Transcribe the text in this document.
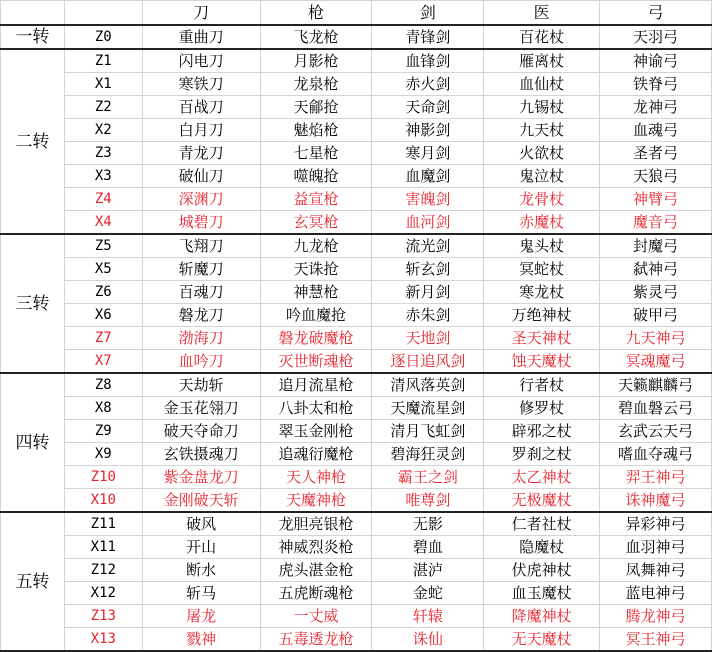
		刀	枪	剑	医	弓
一转	Z0	重曲刀	飞龙枪	青锋剑	百花杖	天羽弓
二转	Z1	闪电刀	月影枪	血锋剑	雁离杖	神谕弓
	X1	寒铁刀	龙泉枪	赤火剑	血仙杖	铁脊弓
	Z2	百战刀	天鄃抢	天命剑	九锡杖	龙神弓
	X2	白月刀	魅焰枪	神影剑	九天杖	血魂弓
	Z3	青龙刀	七星枪	寒月剑	火欲杖	圣者弓
	X3	破仙刀	噬魄抢	血魔剑	鬼泣杖	天狼弓
	Z4	深渊刀	益宣枪	害魄剑	龙骨杖	神臂弓
	X4	城碧刀	玄冥枪	血河剑	赤魔杖	魔音弓
三转	Z5	飞翔刀	九龙枪	流光剑	鬼头杖	封魔弓
	X5	斩魔刀	天诛抢	斩玄剑	冥蛇杖	弑神弓
	Z6	百魂刀	神慧枪	新月剑	寒龙杖	紫灵弓
	X6	磐龙刀	吟血魔抢	赤朱剑	万绝神杖	破甲弓
	Z7	渤海刀	磐龙破魔枪	天地剑	圣天神杖	九天神弓
	X7	血吟刀	灭世断魂枪	逐日追风剑	蚀天魔杖	冥魂魔弓
四转	Z8	天劫斩	追月流星枪	清风落英剑	行者杖	天籁麒麟弓
	X8	金玉花翎刀	八卦太和枪	天魔流星剑	修罗杖	碧血磐云弓
	Z9	破天夺命刀	翠玉金刚枪	清月飞虹剑	辟邪之杖	玄武云天弓
	X9	玄铁摄魂刀	追魂衍魔枪	碧海狂灵剑	罗刹之杖	嗜血夺魂弓
	Z10	紫金盘龙刀	天人神枪	霸王之剑	太乙神杖	羿王神弓
	X10	金刚破天斩	天魔神枪	唯尊剑	无极魔杖	诛神魔弓
五转	Z11	破风	龙胆亮银枪	无影	仁者社杖	异彩神弓
	X11	开山	神威烈炎枪	碧血	隐魔杖	血羽神弓
	Z12	断水	虎头湛金枪	湛泸	伏虎神杖	凤舞神弓
	X12	斩马	五虎断魂枪	金蛇	血玉魔杖	蓝电神弓
	Z13	屠龙	一丈威	轩辕	降魔神杖	腾龙神弓
	X13	戮神	五毒透龙枪	诛仙	无天魔杖	冥王神弓
